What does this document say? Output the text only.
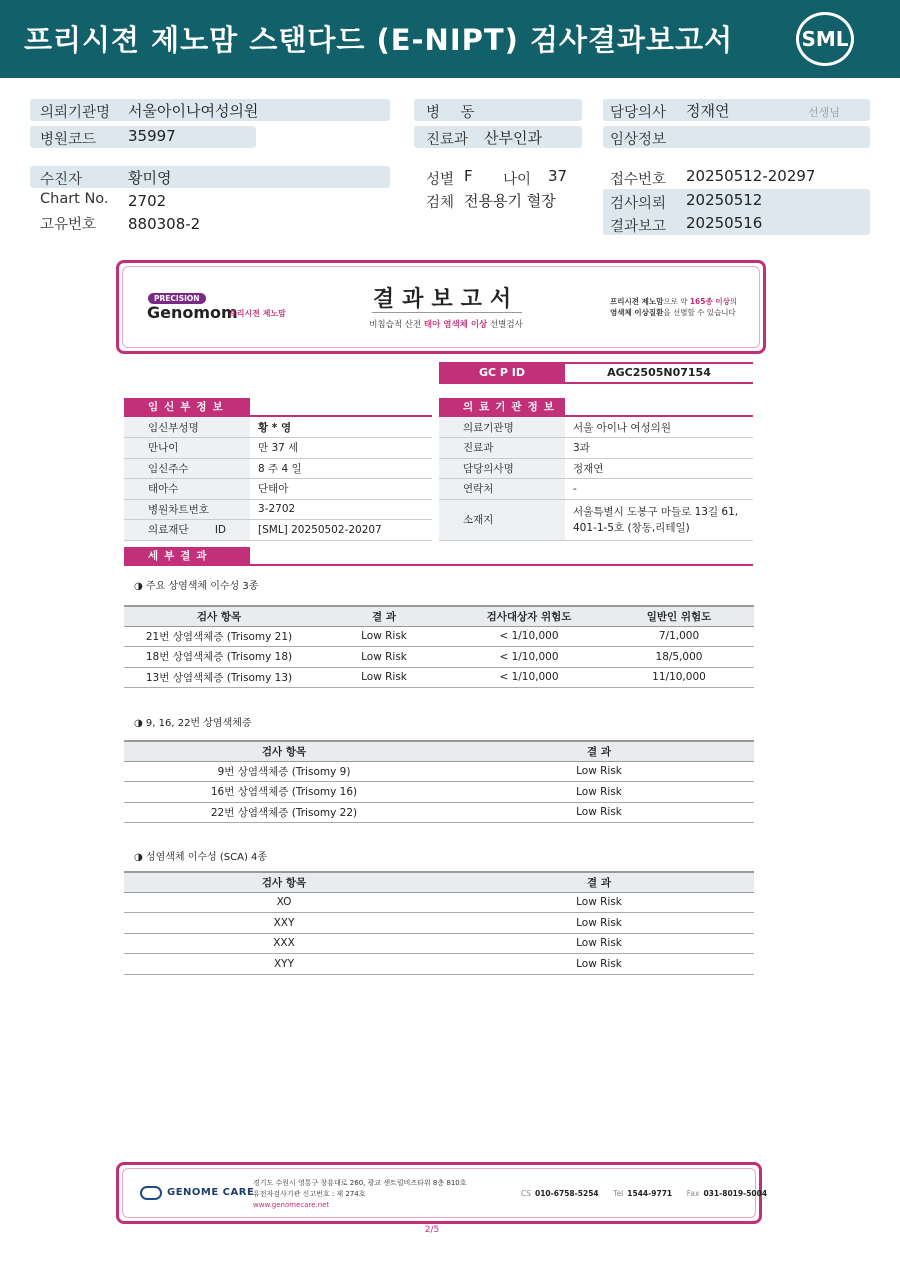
프리시젼 제노맘 스탠다드 (E-NIPT) 검사결과보고서	SML
의뢰기관명 서울아이나여성의원
병원코드 35997
병 동
진료과 산부인과
담당의사 정재연	선생님
임상정보
수진자	황미영
Chart No. 2702
고유번호 880308-2
성별 F 나이 37
검체 전용용기 혈장
접수번호 20250512-20297
검사의뢰 20250512
결과보고 20250516
PRECISION
Genomom
프리시젼 제노맘
결과보고서
비침습적 산전 태아 염색체 이상 선별검사
프리시젼 제노맘으로 약 165종 이상의
염색체 이상질환을 선별할 수 있습니다
GC P ID	AGC2505N07154
임신부정보
임신부성명	황 * 영
만나이	만 37 세
임신주수	8 주 4 일
태아수	단태아
병원차트번호	3-2702
의료재단 ID	[SML] 20250502-20207
의료기관정보
의료기관명	서울 아이나 여성의원
진료과	3과
담당의사명	정재연
연락처	-
소재지	서울특별시 도봉구 마들로 13길 61, 401-1-5호 (창동,리테일)
세부결과
◑ 주요 상염색체 이수성 3종
검사 항목	결 과	검사대상자 위험도	일반인 위험도
21번 상염색체증 (Trisomy 21)	Low Risk	< 1/10,000	7/1,000
18번 상염색체증 (Trisomy 18)	Low Risk	< 1/10,000	18/5,000
13번 상염색체증 (Trisomy 13)	Low Risk	< 1/10,000	11/10,000
◑ 9, 16, 22번 상염색체증
검사 항목	결 과
9번 상염색체증 (Trisomy 9)	Low Risk
16번 상염색체증 (Trisomy 16)	Low Risk
22번 상염색체증 (Trisomy 22)	Low Risk
◑ 성염색체 이수성 (SCA) 4종
검사 항목	결 과
XO	Low Risk
XXY	Low Risk
XXX	Low Risk
XYY	Low Risk
GENOME CARE
경기도 수원시 영통구 창룡대로 260, 광교 센트럴비즈타워 8층 810호
유전자검사기관 신고번호 : 제 274호
www.genomecare.net
CS 010-6758-5254 Tel 1544-9771 Fax 031-8019-5004
2/5
